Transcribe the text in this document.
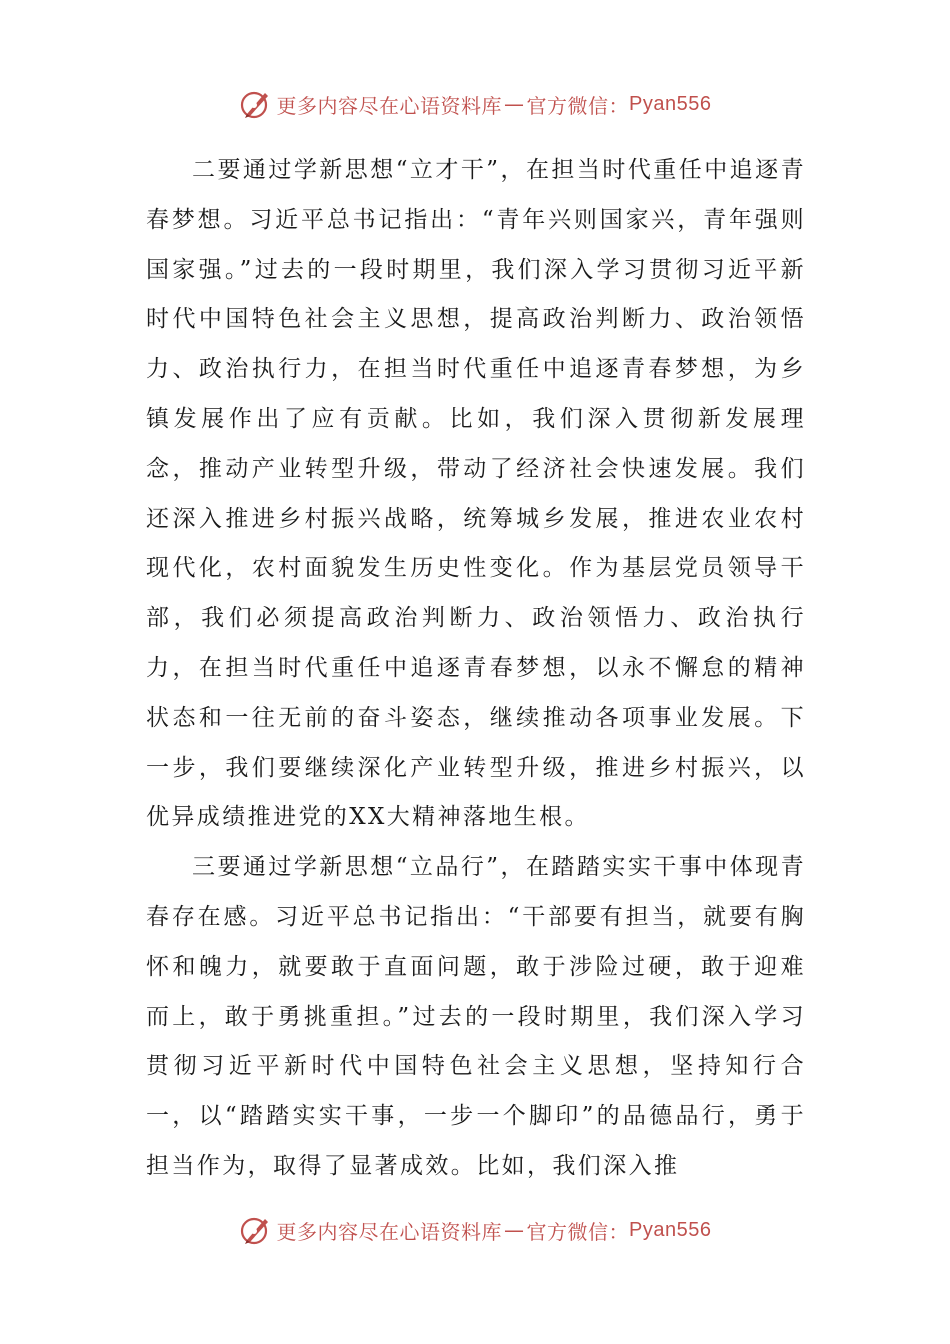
更多内容尽在心语资料库 — 官方微信： Pyan556

二要通过学新思想“立才干”，在担当时代重任中追逐青春梦想。习近平总书记指出：“青年兴则国家兴，青年强则国家强。”过去的一段时期里，我们深入学习贯彻习近平新时代中国特色社会主义思想，提高政治判断力、政治领悟力、政治执行力，在担当时代重任中追逐青春梦想，为乡镇发展作出了应有贡献。比如，我们深入贯彻新发展理念，推动产业转型升级，带动了经济社会快速发展。我们还深入推进乡村振兴战略，统筹城乡发展，推进农业农村现代化，农村面貌发生历史性变化。作为基层党员领导干部，我们必须提高政治判断力、政治领悟力、政治执行力，在担当时代重任中追逐青春梦想，以永不懈怠的精神状态和一往无前的奋斗姿态，继续推动各项事业发展。下一步，我们要继续深化产业转型升级，推进乡村振兴，以优异成绩推进党的XX大精神落地生根。

三要通过学新思想“立品行”，在踏踏实实干事中体现青春存在感。习近平总书记指出：“干部要有担当，就要有胸怀和魄力，就要敢于直面问题，敢于涉险过硬，敢于迎难而上，敢于勇挑重担。”过去的一段时期里，我们深入学习贯彻习近平新时代中国特色社会主义思想，坚持知行合一，以“踏踏实实干事，一步一个脚印”的品德品行，勇于担当作为，取得了显著成效。比如，我们深入推

更多内容尽在心语资料库 — 官方微信： Pyan556
